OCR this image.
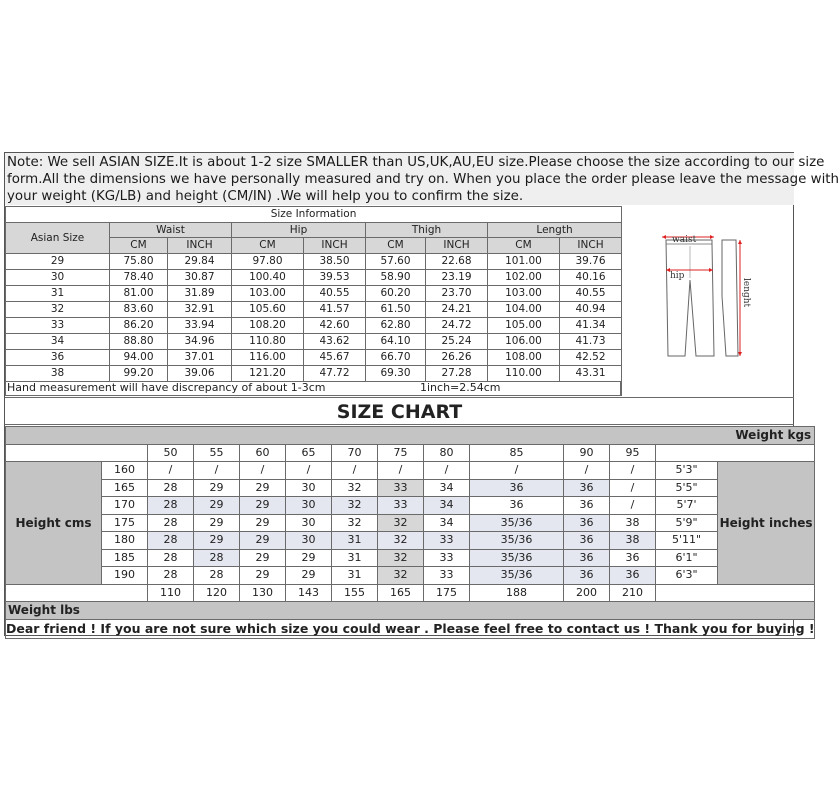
Note: We sell ASIAN SIZE.It is about 1-2 size SMALLER than US,UK,AU,EU size.Please choose the size according to our size
form.All the dimensions we have personally measured and try on. When you place the order please leave the message with
your weight (KG/LB) and height (CM/IN) .We will help you to confirm the size.
Size Information								
Asian Size	Waist		Hip		Thigh		Length	
	CM	INCH	CM	INCH	CM	INCH	CM	INCH
29	75.80	29.84	97.80	38.50	57.60	22.68	101.00	39.76
30	78.40	30.87	100.40	39.53	58.90	23.19	102.00	40.16
31	81.00	31.89	103.00	40.55	60.20	23.70	103.00	40.55
32	83.60	32.91	105.60	41.57	61.50	24.21	104.00	40.94
33	86.20	33.94	108.20	42.60	62.80	24.72	105.00	41.34
34	88.80	34.96	110.80	43.62	64.10	25.24	106.00	41.73
36	94.00	37.01	116.00	45.67	66.70	26.26	108.00	42.52
38	99.20	39.06	121.20	47.72	69.30	27.28	110.00	43.31
Hand measurement will have discrepancy of about 1-3cm	1inch=2.54cm
waist
hip
lenght
SIZE CHART
Weight kgs													
		50	55	60	65	70	75	80	85	90	95		
Height cms	160	/	/	/	/	/	/	/	/	/	/	5'3"	Height inches
	165	28	29	29	30	32	33	34	36	36	/	5'5"	
	170	28	29	29	30	32	33	34	36	36	/	5'7'	
	175	28	29	29	30	32	32	34	35/36	36	38	5'9"	
	180	28	29	29	30	31	32	33	35/36	36	38	5'11"	
	185	28	28	29	29	31	32	33	35/36	36	36	6'1"	
	190	28	28	29	29	31	32	33	35/36	36	36	6'3"	
		110	120	130	143	155	165	175	188	200	210		
Weight lbs													
Dear friend ! If you are not sure which size you could wear . Please feel free to contact us ! Thank you for buying !													
